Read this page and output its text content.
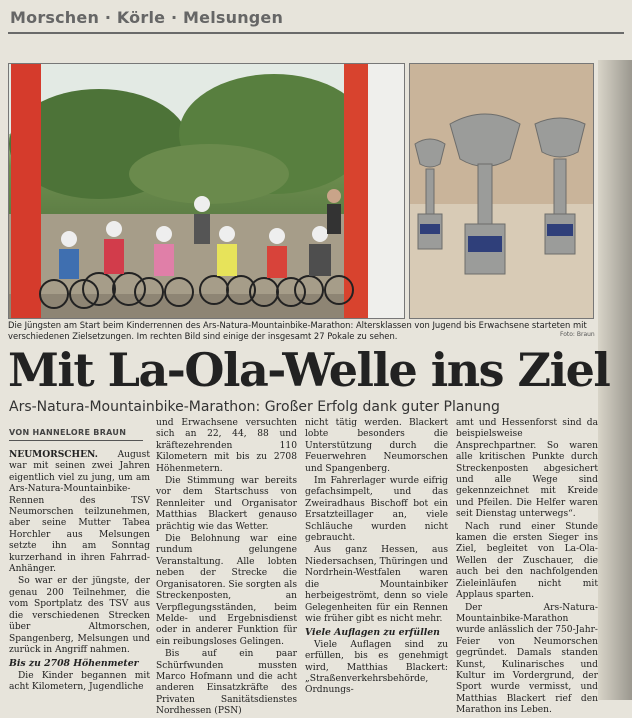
Morschen · Körle · Melsungen
Die Jüngsten am Start beim Kinderrennen des Ars-Natura-Mountainbike-Marathon: Altersklassen von Jugend bis Erwachsene starteten mit verschiedenen Zielsetzungen. Im rechten Bild sind einige der insgesamt 27 Pokale zu sehen.	Foto: Braun
Mit La-Ola-Welle ins Ziel
Ars-Natura-Mountainbike-Marathon: Großer Erfolg dank guter Planung
VON HANNELORE BRAUN

NEUMORSCHEN. August war mit seinen zwei Jahren eigentlich viel zu jung, um am Ars-Natura-Mountainbike-Rennen des TSV Neumorschen teilzunehmen, aber seine Mutter Tabea Horchler aus Melsungen setzte ihn am Sonntag kurzerhand in ihren Fahrrad-Anhänger.

So war er der jüngste, der genau 200 Teilnehmer, die vom Sportplatz des TSV aus die verschiedenen Strecken über Altmorschen, Spangenberg, Melsungen und zurück in Angriff nahmen.

Bis zu 2708 Höhenmeter

Die Kinder begannen mit acht Kilometern, Jugendliche

und Erwachsene versuchten sich an 22, 44, 88 und kräftezehrenden 110 Kilometern mit bis zu 2708 Höhenmetern.

Die Stimmung war bereits vor dem Startschuss von Rennleiter und Organisator Matthias Blackert genauso prächtig wie das Wetter.

Die Belohnung war eine rundum gelungene Veranstaltung. Alle lobten neben der Strecke die Organisatoren. Sie sorgten als Streckenposten, an Verpflegungsständen, beim Melde- und Ergebnisdienst oder in anderer Funktion für ein reibungsloses Gelingen.

Bis auf ein paar Schürfwunden mussten Marco Hofmann und die acht anderen Einsatzkräfte des Privaten Sanitätsdienstes Nordhessen (PSN)

nicht tätig werden. Blackert lobte besonders die Unterstützung durch die Feuerwehren Neumorschen und Spangenberg.

Im Fahrerlager wurde eifrig gefachsimpelt, und das Zweiradhaus Bischoff bot ein Ersatzteillager an, viele Schläuche wurden nicht gebraucht.

Aus ganz Hessen, aus Niedersachsen, Thüringen und Nordrhein-Westfalen waren die Mountainbiker herbeigeströmt, denn so viele Gelegenheiten für ein Rennen wie früher gibt es nicht mehr.

Viele Auflagen zu erfüllen

Viele Auflagen sind zu erfüllen, bis es genehmigt wird, Matthias Blackert: „Straßenverkehrsbehörde, Ordnungs-

amt und Hessenforst sind da beispielsweise Ansprechpartner. So waren alle kritischen Punkte durch Streckenposten abgesichert und alle Wege sind gekennzeichnet mit Kreide und Pfeilen. Die Helfer waren seit Dienstag unterwegs“.

Nach rund einer Stunde kamen die ersten Sieger ins Ziel, begleitet von La-Ola-Wellen der Zuschauer, die auch bei den nachfolgenden Zieleinläufen nicht mit Applaus sparten.

Der Ars-Natura-Mountainbike-Marathon wurde anlässlich der 750-Jahr-Feier von Neumorschen gegründet. Damals standen Kunst, Kulinarisches und Kultur im Vordergrund, der Sport wurde vermisst, und Matthias Blackert rief den Marathon ins Leben.
